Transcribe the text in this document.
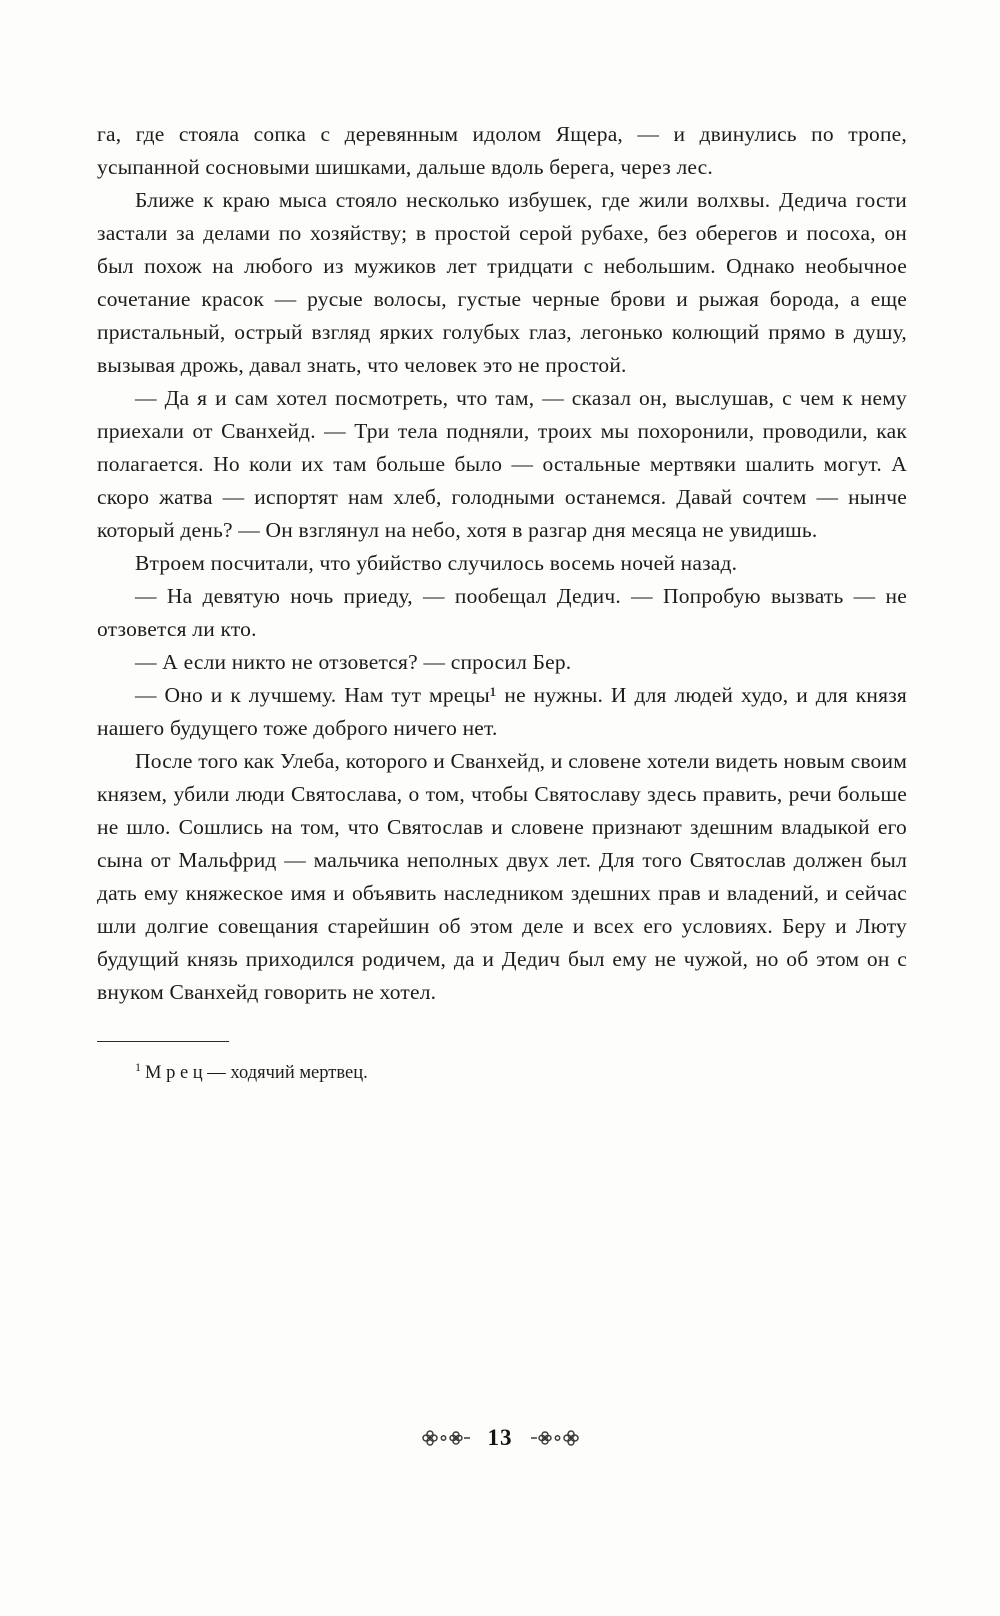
га, где стояла сопка с деревянным идолом Ящера, — и двинулись по тропе, усыпанной сосновыми шишками, дальше вдоль берега, через лес.

Ближе к краю мыса стояло несколько избушек, где жили волхвы. Дедича гости застали за делами по хозяйству; в простой серой рубахе, без оберегов и посоха, он был похож на любого из мужиков лет тридцати с небольшим. Однако необычное сочетание красок — русые волосы, густые черные брови и рыжая борода, а еще пристальный, острый взгляд ярких голубых глаз, легонько колющий прямо в душу, вызывая дрожь, давал знать, что человек это не простой.

— Да я и сам хотел посмотреть, что там, — сказал он, выслушав, с чем к нему приехали от Сванхейд. — Три тела подняли, троих мы похоронили, проводили, как полагается. Но коли их там больше было — остальные мертвяки шалить могут. А скоро жатва — испортят нам хлеб, голодными останемся. Давай сочтем — нынче который день? — Он взглянул на небо, хотя в разгар дня месяца не увидишь.

Втроем посчитали, что убийство случилось восемь ночей назад.

— На девятую ночь приеду, — пообещал Дедич. — Попробую вызвать — не отзовется ли кто.

— А если никто не отзовется? — спросил Бер.

— Оно и к лучшему. Нам тут мрецы¹ не нужны. И для людей худо, и для князя нашего будущего тоже доброго ничего нет.

После того как Улеба, которого и Сванхейд, и словене хотели видеть новым своим князем, убили люди Святослава, о том, чтобы Святославу здесь править, речи больше не шло. Сошлись на том, что Святослав и словене признают здешним владыкой его сына от Мальфрид — мальчика неполных двух лет. Для того Святослав должен был дать ему княжеское имя и объявить наследником здешних прав и владений, и сейчас шли долгие совещания старейшин об этом деле и всех его условиях. Беру и Люту будущий князь приходился родичем, да и Дедич был ему не чужой, но об этом он с внуком Сванхейд говорить не хотел.

$^1$ М р е ц — ходячий мертвец.

13
